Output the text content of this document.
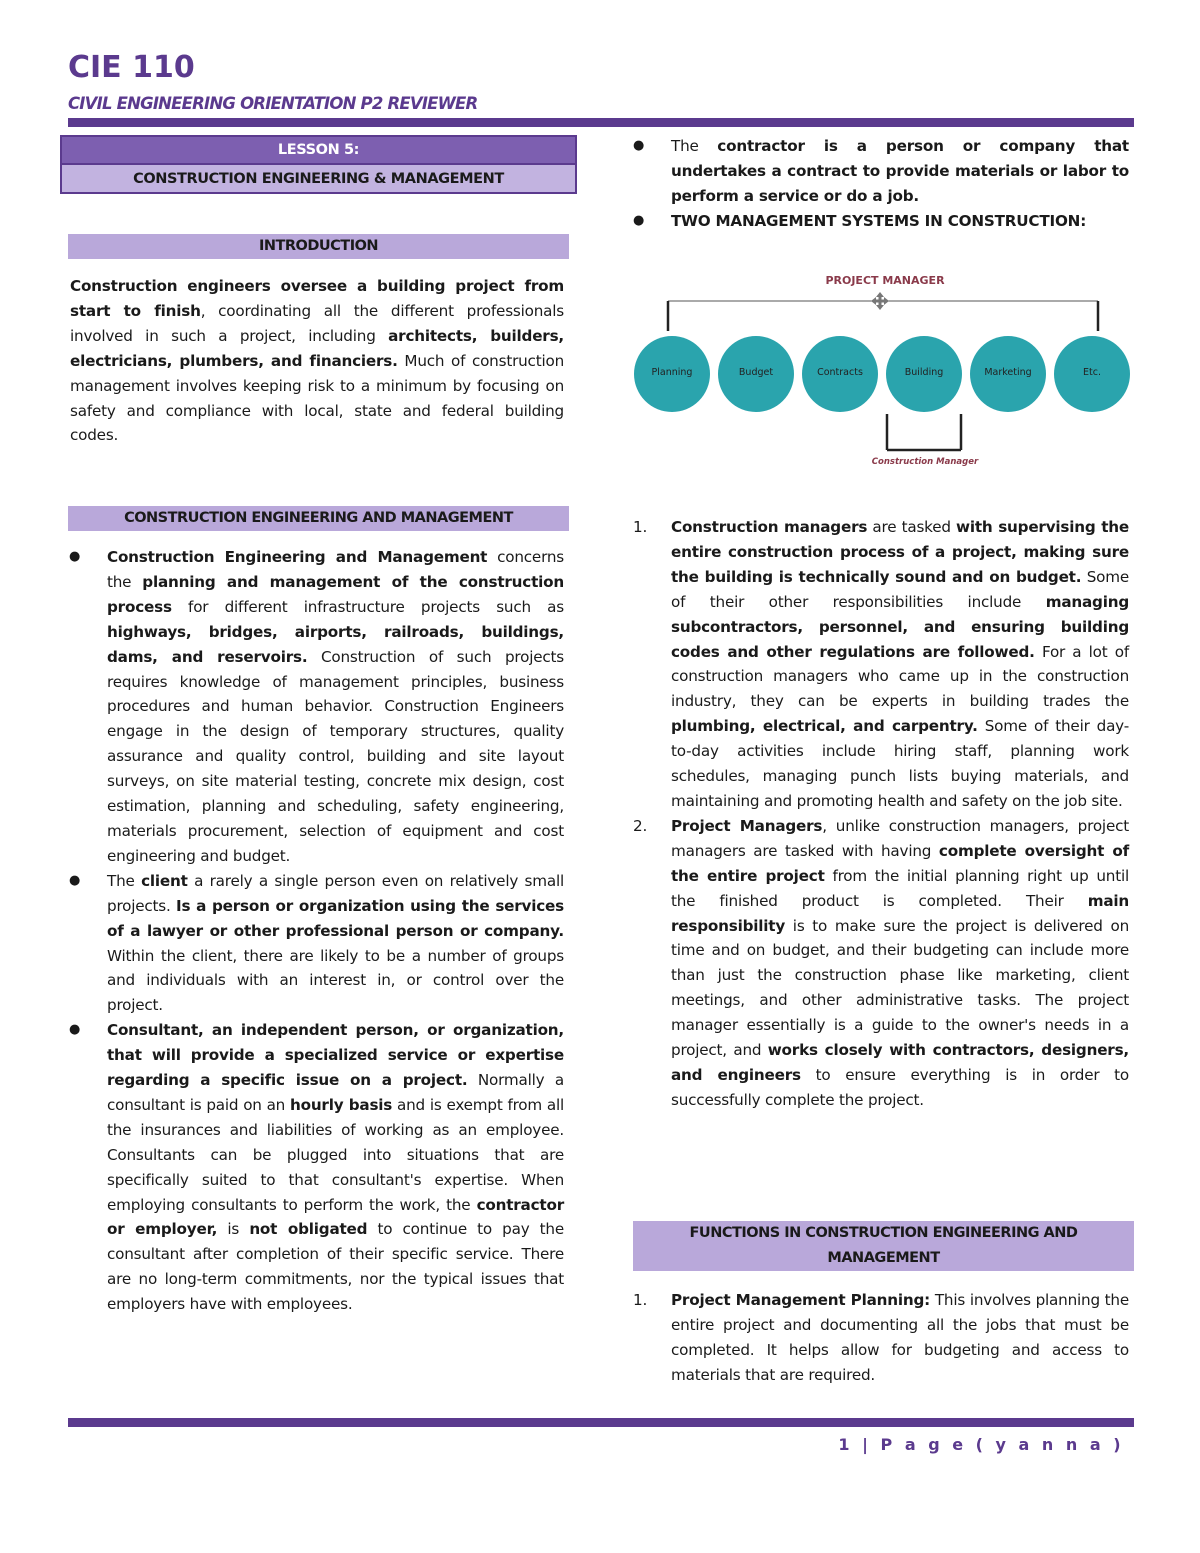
CIE 110
CIVIL ENGINEERING ORIENTATION P2 REVIEWER
LESSON 5:
CONSTRUCTION ENGINEERING & MANAGEMENT
INTRODUCTION

Construction engineers oversee a building project from start to finish, coordinating all the different professionals involved in such a project, including architects, builders, electricians, plumbers, and financiers. Much of construction management involves keeping risk to a minimum by focusing on safety and compliance with local, state and federal building codes.

CONSTRUCTION ENGINEERING AND MANAGEMENT
● Construction Engineering and Management concerns the planning and management of the construction process for different infrastructure projects such as highways, bridges, airports, railroads, buildings, dams, and reservoirs. Construction of such projects requires knowledge of management principles, business procedures and human behavior. Construction Engineers engage in the design of temporary structures, quality assurance and quality control, building and site layout surveys, on site material testing, concrete mix design, cost estimation, planning and scheduling, safety engineering, materials procurement, selection of equipment and cost engineering and budget.
● The client a rarely a single person even on relatively small projects. Is a person or organization using the services of a lawyer or other professional person or company. Within the client, there are likely to be a number of groups and individuals with an interest in, or control over the project.
● Consultant, an independent person, or organization, that will provide a specialized service or expertise regarding a specific issue on a project. Normally a consultant is paid on an hourly basis and is exempt from all the insurances and liabilities of working as an employee. Consultants can be plugged into situations that are specifically suited to that consultant's expertise. When employing consultants to perform the work, the contractor or employer, is not obligated to continue to pay the consultant after completion of their specific service. There are no long-term commitments, nor the typical issues that employers have with employees.
● The contractor is a person or company that undertakes a contract to provide materials or labor to perform a service or do a job.
● TWO MANAGEMENT SYSTEMS IN CONSTRUCTION:
PROJECT MANAGER
Planning	Budget	Contracts	Building	Marketing	Etc.
Construction Manager
1. Construction managers are tasked with supervising the entire construction process of a project, making sure the building is technically sound and on budget. Some of their other responsibilities include managing subcontractors, personnel, and ensuring building codes and other regulations are followed. For a lot of construction managers who came up in the construction industry, they can be experts in building trades the plumbing, electrical, and carpentry. Some of their day-to-day activities include hiring staff, planning work schedules, managing punch lists buying materials, and maintaining and promoting health and safety on the job site.
2. Project Managers, unlike construction managers, project managers are tasked with having complete oversight of the entire project from the initial planning right up until the finished product is completed. Their main responsibility is to make sure the project is delivered on time and on budget, and their budgeting can include more than just the construction phase like marketing, client meetings, and other administrative tasks. The project manager essentially is a guide to the owner's needs in a project, and works closely with contractors, designers, and engineers to ensure everything is in order to successfully complete the project.
FUNCTIONS IN CONSTRUCTION ENGINEERING AND
MANAGEMENT
1. Project Management Planning: This involves planning the entire project and documenting all the jobs that must be completed. It helps allow for budgeting and access to materials that are required.
1 | P a g e ( y a n n a )
